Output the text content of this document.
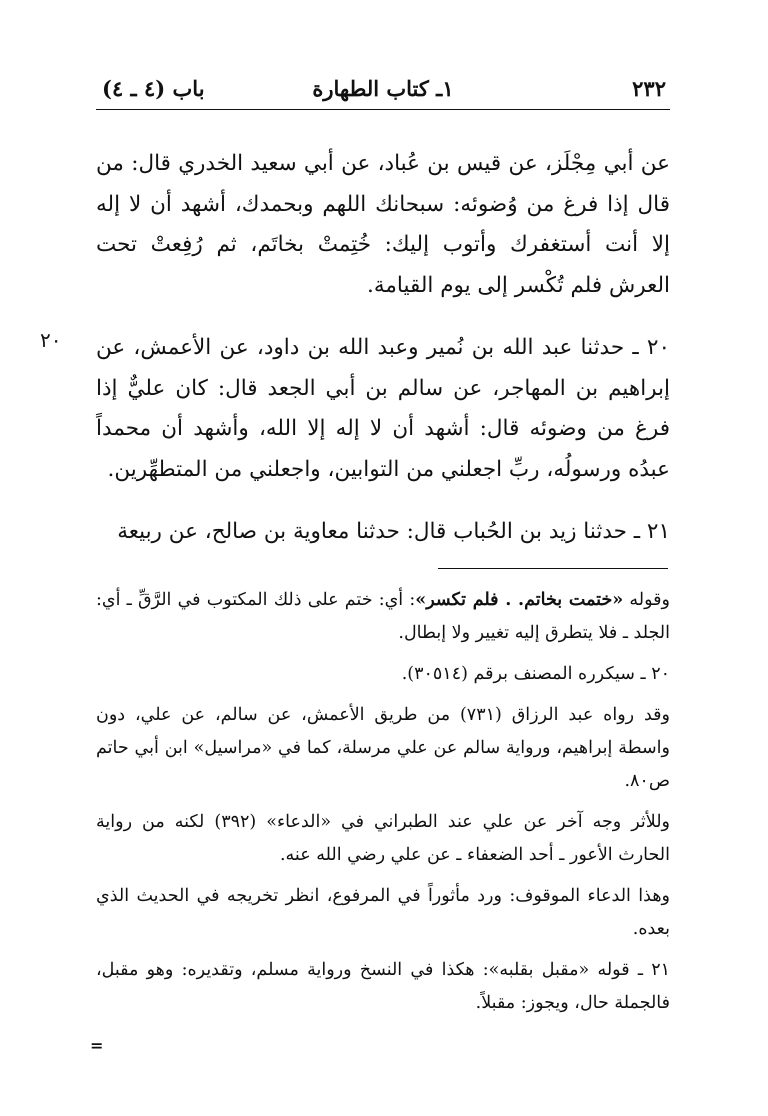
باب (٤ ـ ٤)	١ـ كتاب الطهارة	٢٣٢
٢٠

عن أبي مِجْلَز، عن قيس بن عُباد، عن أبي سعيد الخدري قال: من قال إذا فرغ من وُضوئه: سبحانك اللهم وبحمدك، أشهد أن لا إله إلا أنت أستغفرك وأتوب إليك: خُتِمتْ بخاتَم، ثم رُفِعتْ تحت العرش فلم تُكْسر إلى يوم القيامة.

٢٠ ـ حدثنا عبد الله بن نُمير وعبد الله بن داود، عن الأعمش، عن إبراهيم بن المهاجر، عن سالم بن أبي الجعد قال: كان عليٌّ إذا فرغ من وضوئه قال: أشهد أن لا إله إلا الله، وأشهد أن محمداً عبدُه ورسولُه، ربِّ اجعلني من التوابين، واجعلني من المتطهِّرين.

٢١ ـ حدثنا زيد بن الحُباب قال: حدثنا معاوية بن صالح، عن ربيعة

وقوله «ختمت بخاتم. . فلم تكسر»: أي: ختم على ذلك المكتوب في الرَّقِّ ـ أي: الجلد ـ فلا يتطرق إليه تغيير ولا إبطال.

٢٠ ـ سيكرره المصنف برقم (٣٠٥١٤).

وقد رواه عبد الرزاق (٧٣١) من طريق الأعمش، عن سالم، عن علي، دون واسطة إبراهيم، ورواية سالم عن علي مرسلة، كما في «مراسيل» ابن أبي حاتم ص٨٠.

وللأثر وجه آخر عن علي عند الطبراني في «الدعاء» (٣٩٢) لكنه من رواية الحارث الأعور ـ أحد الضعفاء ـ عن علي رضي الله عنه.

وهذا الدعاء الموقوف: ورد مأثوراً في المرفوع، انظر تخريجه في الحديث الذي بعده.

٢١ ـ قوله «مقبل بقلبه»: هكذا في النسخ ورواية مسلم، وتقديره: وهو مقبل، فالجملة حال، ويجوز: مقبلاً.

=
